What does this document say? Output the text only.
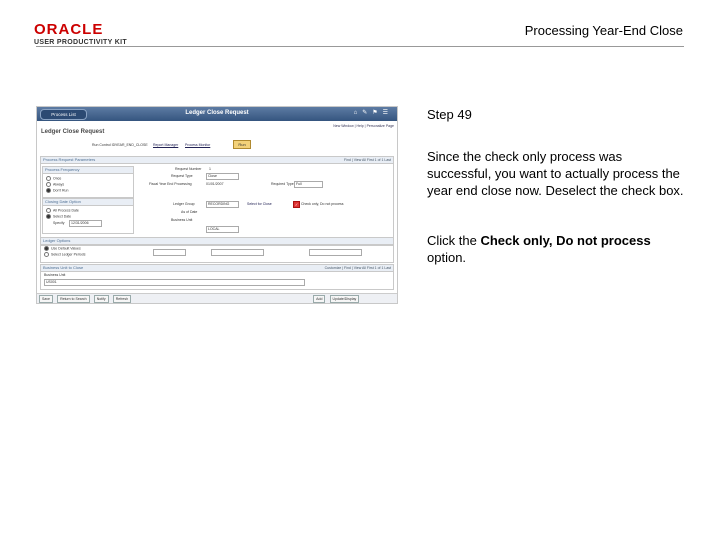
ORACLE
USER PRODUCTIVITY KIT
Processing Year-End Close
Process List	Ledger Close Request	⌂✎⚑☰
New Window | Help | Personalize Page
Ledger Close Request
Run Control ID:
YEAR_END_CLOSE Report Manager Process Monitor	Run
Process Request Parameters	Find | View All First 1 of 1 Last
Process Frequency
Once
Always
Don't Run
Request Number 1
Request Type	Close
Fiscal Year End Processing	01/01/2007	Required Type Full
Closing Date Option
All Process Date
Select Date
Specify	12/31/2006
Ledger Group	RECORDING
As of Date
Business Unit
LOCAL
Select for Close	✓ Check only, Do not process
Ledger Options
Use Default Values
Select Ledger Periods
Business Unit to Close	Customize | Find | View All First 1 of 1 Last
Business Unit
US001
Save	Return to Search	Notify	Refresh	Add	Update/Display
Step 49
Since the check only process was successful, you want to actually process the year end close now. Deselect the check box.
Click the Check only, Do not process option.
